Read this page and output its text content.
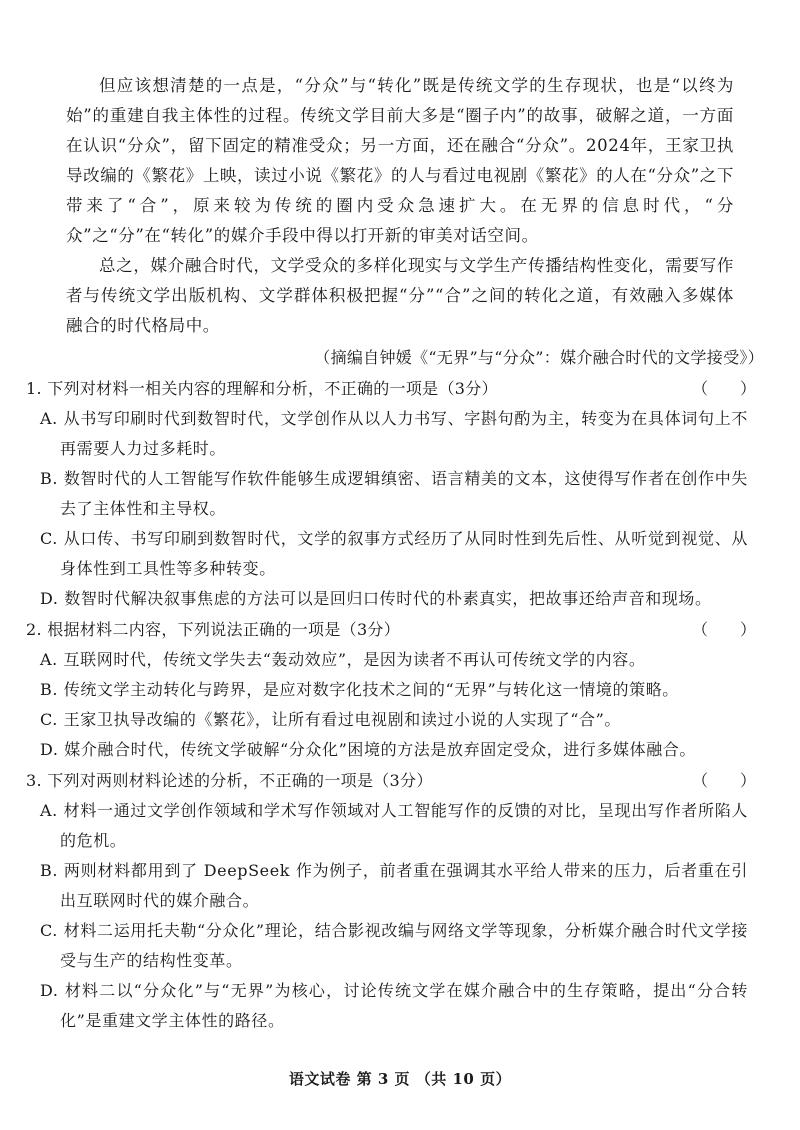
但应该想清楚的一点是，“分众”与“转化”既是传统文学的生存现状，也是“以终为始”的重建自我主体性的过程。传统文学目前大多是“圈子内”的故事，破解之道，一方面在认识“分众”，留下固定的精准受众；另一方面，还在融合“分众”。2024年，王家卫执导改编的《繁花》上映，读过小说《繁花》的人与看过电视剧《繁花》的人在“分众”之下带来了“合”，原来较为传统的圈内受众急速扩大。在无界的信息时代，“分众”之“分”在“转化”的媒介手段中得以打开新的审美对话空间。

总之，媒介融合时代，文学受众的多样化现实与文学生产传播结构性变化，需要写作者与传统文学出版机构、文学群体积极把握“分”“合”之间的转化之道，有效融入多媒体融合的时代格局中。

（摘编自钟媛《“无界”与“分众”：媒介融合时代的文学接受》）
1. 下列对材料一相关内容的理解和分析，不正确的一项是（3分）	（　　）

A. 从书写印刷时代到数智时代，文学创作从以人力书写、字斟句酌为主，转变为在具体词句上不再需要人力过多耗时。

B. 数智时代的人工智能写作软件能够生成逻辑缜密、语言精美的文本，这使得写作者在创作中失去了主体性和主导权。

C. 从口传、书写印刷到数智时代，文学的叙事方式经历了从同时性到先后性、从听觉到视觉、从身体性到工具性等多种转变。

D. 数智时代解决叙事焦虑的方法可以是回归口传时代的朴素真实，把故事还给声音和现场。

2. 根据材料二内容，下列说法正确的一项是（3分）	（　　）

A. 互联网时代，传统文学失去“轰动效应”，是因为读者不再认可传统文学的内容。

B. 传统文学主动转化与跨界，是应对数字化技术之间的“无界”与转化这一情境的策略。

C. 王家卫执导改编的《繁花》，让所有看过电视剧和读过小说的人实现了“合”。

D. 媒介融合时代，传统文学破解“分众化”困境的方法是放弃固定受众，进行多媒体融合。

3. 下列对两则材料论述的分析，不正确的一项是（3分）	（　　）

A. 材料一通过文学创作领域和学术写作领域对人工智能写作的反馈的对比，呈现出写作者所陷人的危机。

B. 两则材料都用到了 DeepSeek 作为例子，前者重在强调其水平给人带来的压力，后者重在引出互联网时代的媒介融合。

C. 材料二运用托夫勒“分众化”理论，结合影视改编与网络文学等现象，分析媒介融合时代文学接受与生产的结构性变革。

D. 材料二以“分众化”与“无界”为核心，讨论传统文学在媒介融合中的生存策略，提出“分合转化”是重建文学主体性的路径。

语文试卷 第 3 页 （共 10 页）
